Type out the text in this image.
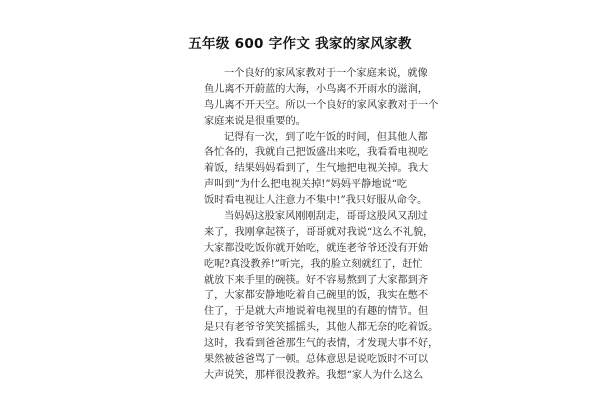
五年级 600 字作文 我家的家风家教
一个良好的家风家教对于一个家庭来说，就像
鱼儿离不开蔚蓝的大海，小鸟离不开雨水的滋润，
鸟儿离不开天空。所以一个良好的家风家教对于一个
家庭来说是很重要的。
记得有一次，到了吃午饭的时间，但其他人都
各忙各的，我就自己把饭盛出来吃，我看看电视吃
着饭，结果妈妈看到了，生气地把电视关掉。我大
声叫到“为什么把电视关掉!”妈妈平静地说“吃
饭时看电视让人注意力不集中!”我只好服从命令。
当妈妈这股家风刚刚刮走，哥哥这股风又刮过
来了，我刚拿起筷子，哥哥就对我说“这么不礼貌，
大家都没吃饭你就开始吃，就连老爷爷还没有开始
吃呢?真没教养!”听完，我的脸立刻就红了，赶忙
就放下来手里的碗筷。好不容易熬到了大家都到齐
了，大家都安静地吃着自己碗里的饭，我实在憋不
住了，于是就大声地说着电视里的有趣的情节。但
是只有老爷爷笑笑摇摇头，其他人都无奈的吃着饭。
这时，我看到爸爸那生气的表情，才发现大事不好，
果然被爸爸骂了一顿。总体意思是说吃饭时不可以
大声说笑，那样很没教养。我想“家人为什么这么
